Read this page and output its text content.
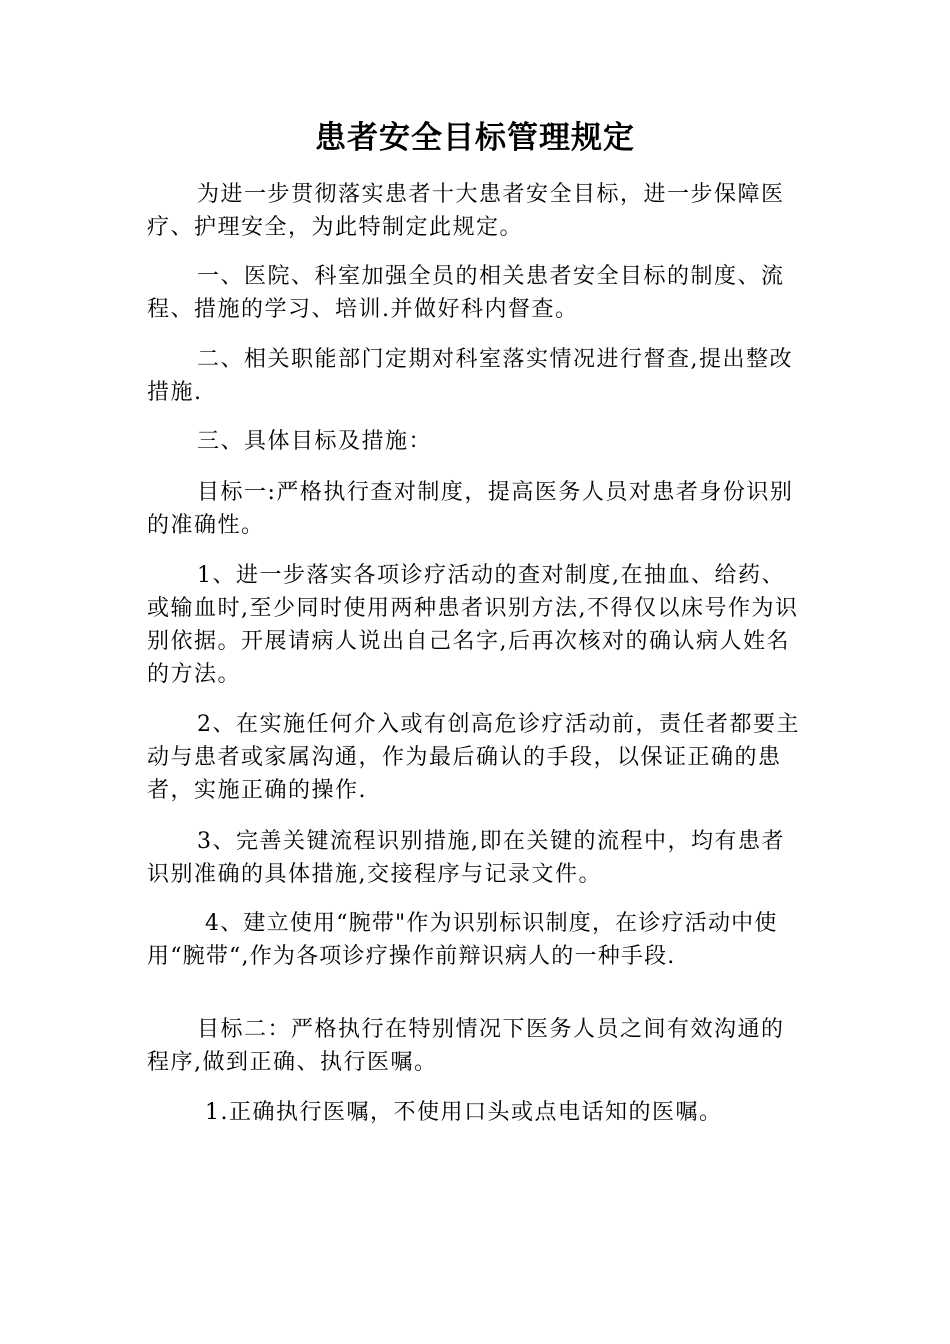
患者安全目标管理规定

为进一步贯彻落实患者十大患者安全目标，进一步保障医疗、护理安全，为此特制定此规定。

一、医院、科室加强全员的相关患者安全目标的制度、流程、措施的学习、培训.并做好科内督查。

二、相关职能部门定期对科室落实情况进行督查,提出整改措施.

三、具体目标及措施：

目标一:严格执行查对制度，提高医务人员对患者身份识别的准确性。

1、进一步落实各项诊疗活动的查对制度,在抽血、给药、或输血时,至少同时使用两种患者识别方法,不得仅以床号作为识别依据。开展请病人说出自己名字,后再次核对的确认病人姓名的方法。

2、在实施任何介入或有创高危诊疗活动前，责任者都要主动与患者或家属沟通，作为最后确认的手段，以保证正确的患者，实施正确的操作.

3、完善关键流程识别措施,即在关键的流程中，均有患者识别准确的具体措施,交接程序与记录文件。

4、建立使用“腕带"作为识别标识制度，在诊疗活动中使用“腕带“,作为各项诊疗操作前辩识病人的一种手段.

目标二：严格执行在特别情况下医务人员之间有效沟通的程序,做到正确、执行医嘱。

1.正确执行医嘱，不使用口头或点电话知的医嘱。
